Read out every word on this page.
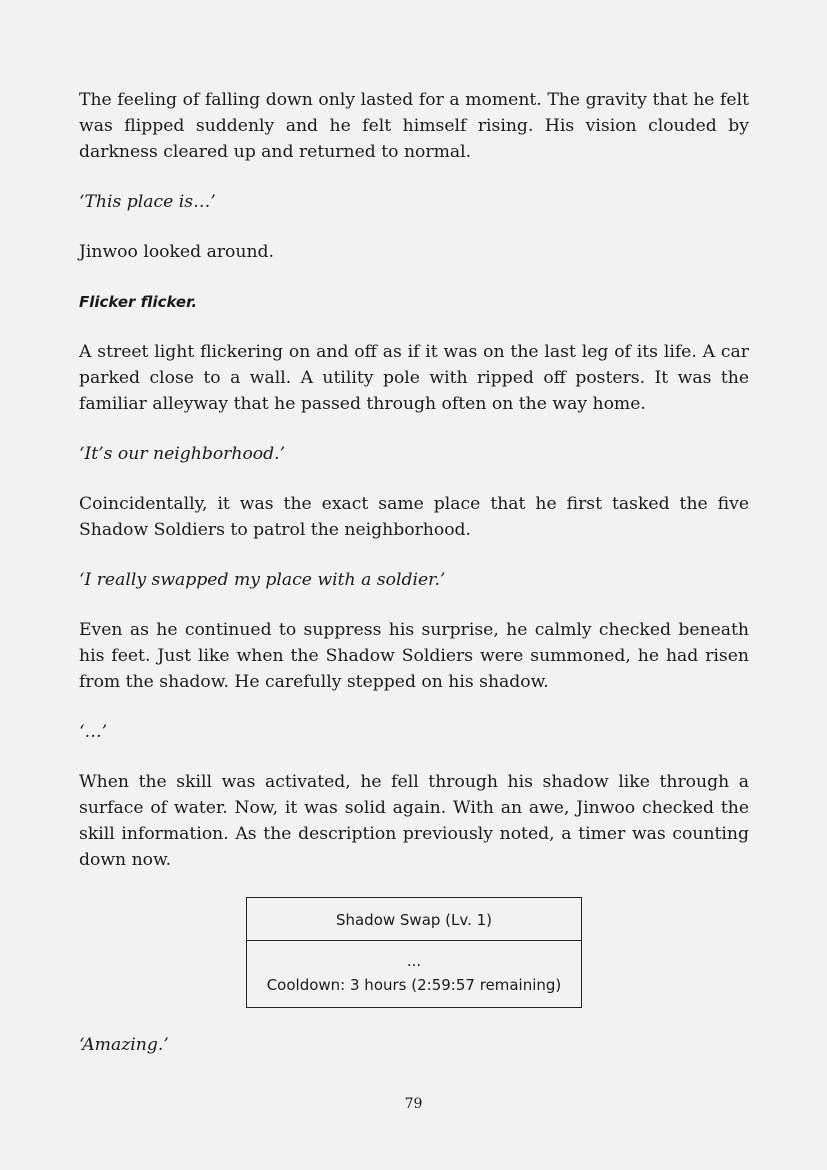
The feeling of falling down only lasted for a moment. The gravity that he felt was flipped suddenly and he felt himself rising. His vision clouded by darkness cleared up and returned to normal.

‘This place is…’

Jinwoo looked around.

Flicker flicker.

A street light flickering on and off as if it was on the last leg of its life. A car parked close to a wall. A utility pole with ripped off posters. It was the familiar alleyway that he passed through often on the way home.

‘It’s our neighborhood.’

Coincidentally, it was the exact same place that he first tasked the five Shadow Soldiers to patrol the neighborhood.

‘I really swapped my place with a soldier.’

Even as he continued to suppress his surprise, he calmly checked beneath his feet. Just like when the Shadow Soldiers were summoned, he had risen from the shadow. He carefully stepped on his shadow.

‘…’

When the skill was activated, he fell through his shadow like through a surface of water. Now, it was solid again. With an awe, Jinwoo checked the skill information. As the description previously noted, a timer was counting down now.

Shadow Swap (Lv. 1)
...
Cooldown: 3 hours (2:59:57 remaining)

‘Amazing.’

79
